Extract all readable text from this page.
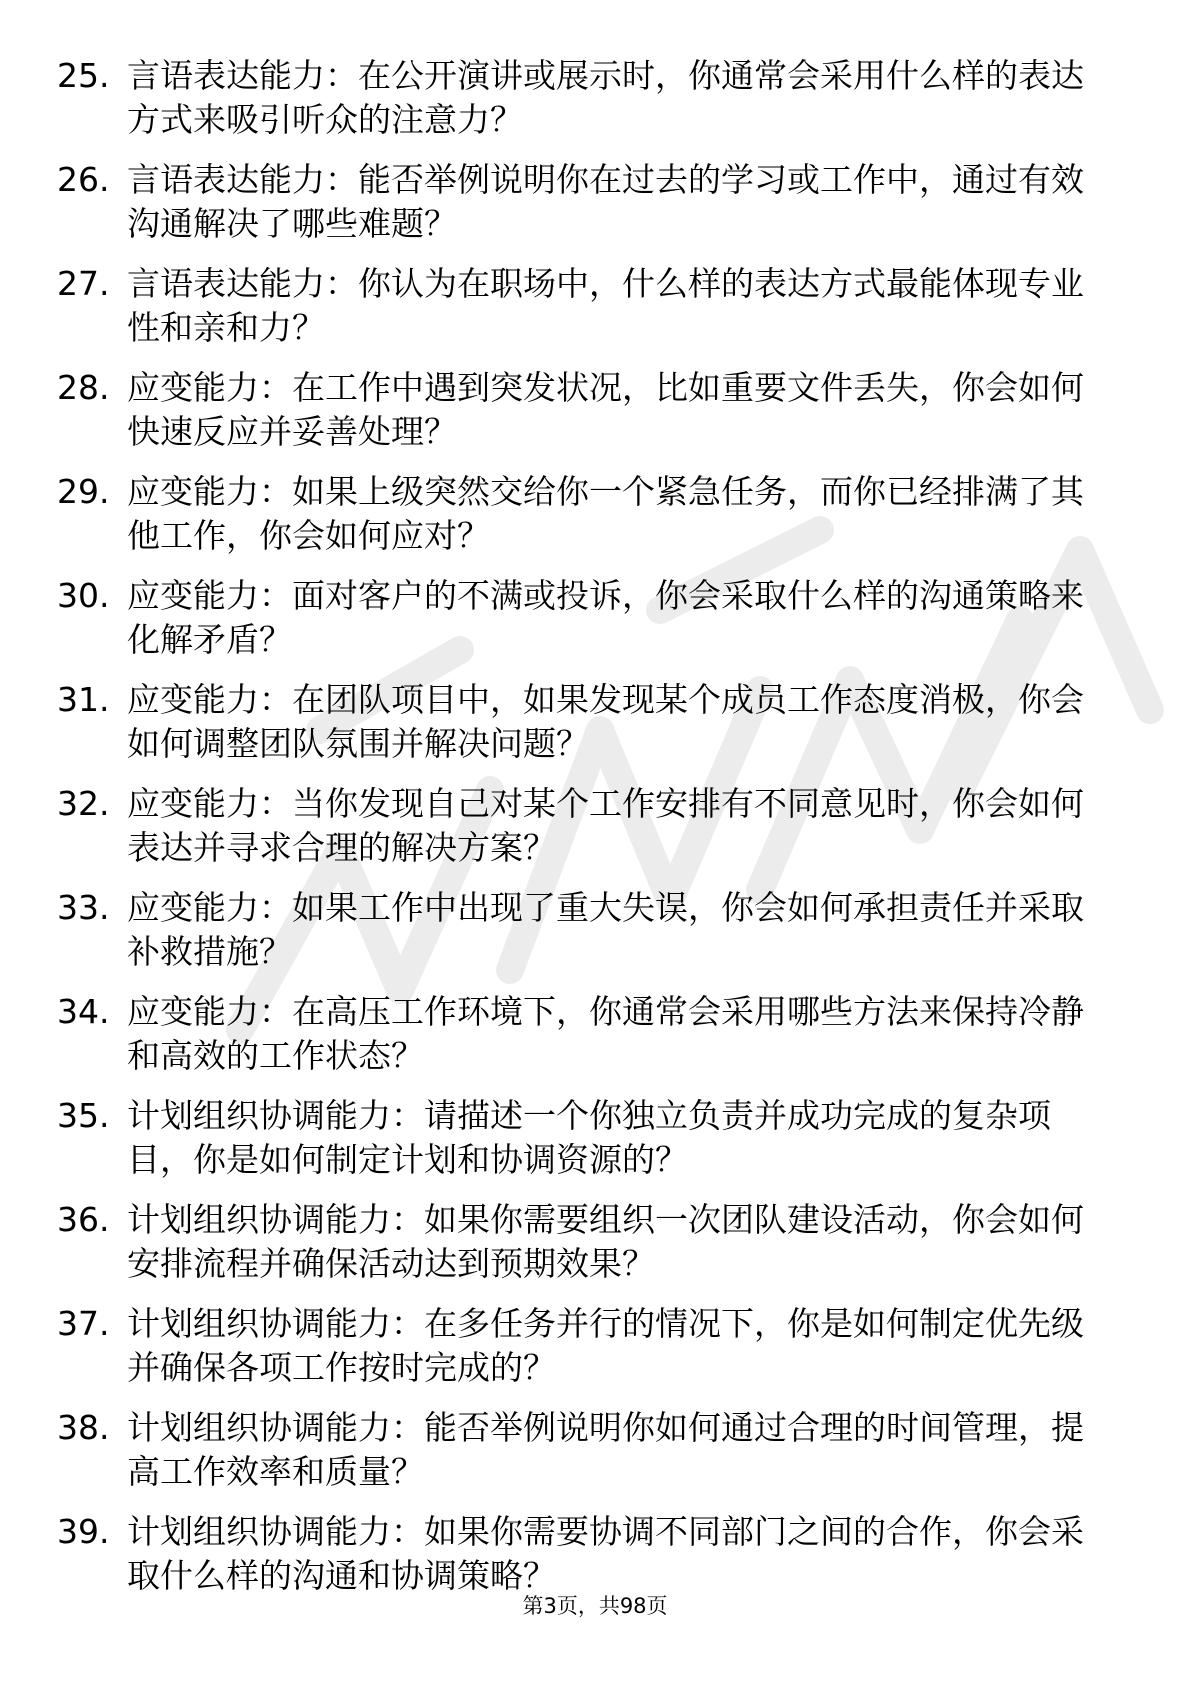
25. 言语表达能力：在公开演讲或展示时，你通常会采用什么样的表达方式来吸引听众的注意力？
26. 言语表达能力：能否举例说明你在过去的学习或工作中，通过有效沟通解决了哪些难题？
27. 言语表达能力：你认为在职场中，什么样的表达方式最能体现专业性和亲和力？
28. 应变能力：在工作中遇到突发状况，比如重要文件丢失，你会如何快速反应并妥善处理？
29. 应变能力：如果上级突然交给你一个紧急任务，而你已经排满了其他工作，你会如何应对？
30. 应变能力：面对客户的不满或投诉，你会采取什么样的沟通策略来化解矛盾？
31. 应变能力：在团队项目中，如果发现某个成员工作态度消极，你会如何调整团队氛围并解决问题？
32. 应变能力：当你发现自己对某个工作安排有不同意见时，你会如何表达并寻求合理的解决方案？
33. 应变能力：如果工作中出现了重大失误，你会如何承担责任并采取补救措施？
34. 应变能力：在高压工作环境下，你通常会采用哪些方法来保持冷静和高效的工作状态？
35. 计划组织协调能力：请描述一个你独立负责并成功完成的复杂项目，你是如何制定计划和协调资源的？
36. 计划组织协调能力：如果你需要组织一次团队建设活动，你会如何安排流程并确保活动达到预期效果？
37. 计划组织协调能力：在多任务并行的情况下，你是如何制定优先级并确保各项工作按时完成的？
38. 计划组织协调能力：能否举例说明你如何通过合理的时间管理，提高工作效率和质量？
39. 计划组织协调能力：如果你需要协调不同部门之间的合作，你会采取什么样的沟通和协调策略？
第3页，共98页
